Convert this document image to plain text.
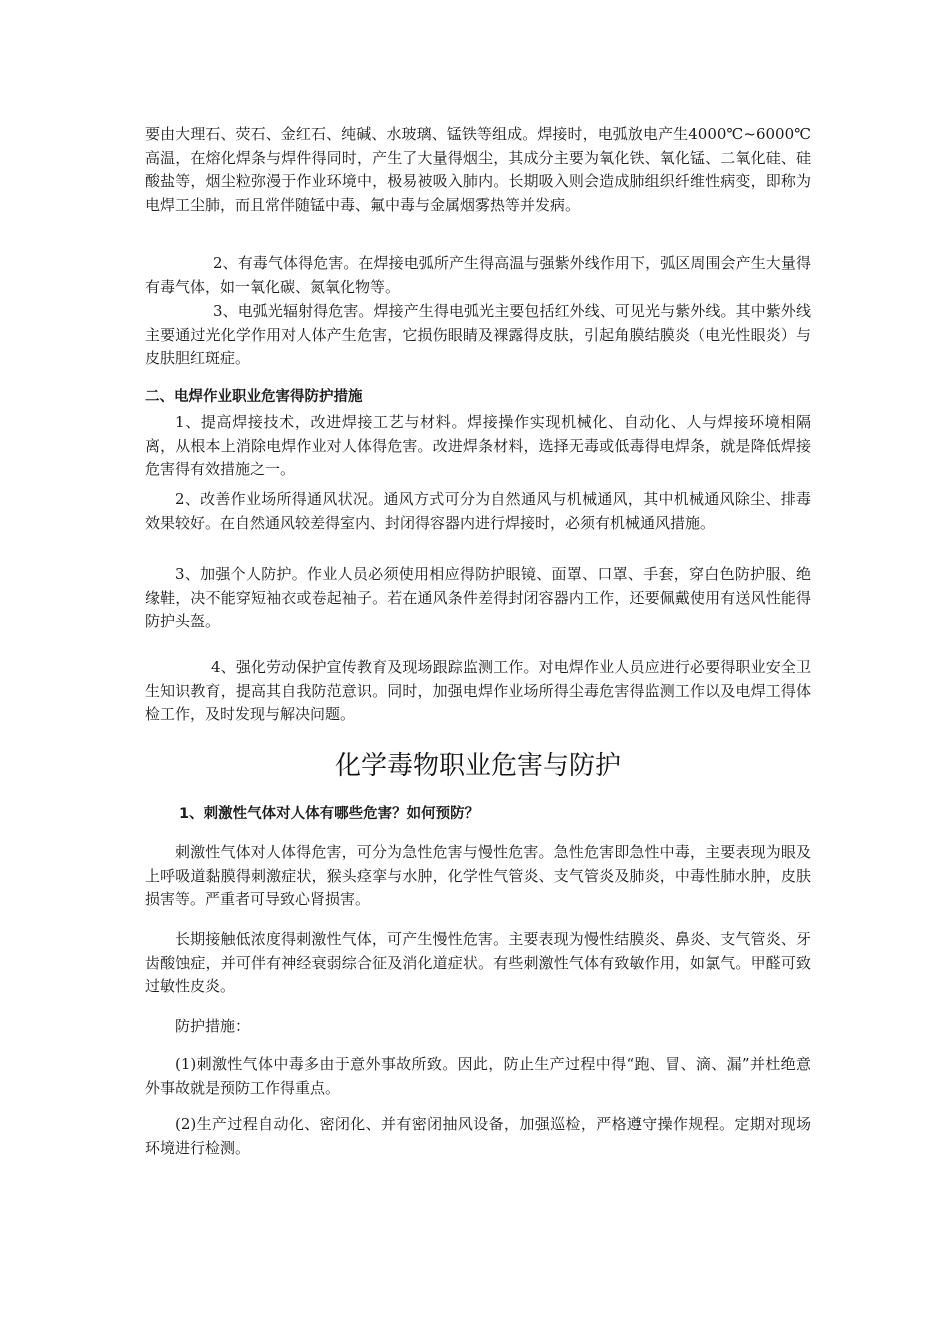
要由大理石、荧石、金红石、纯碱、水玻璃、锰铁等组成。焊接时，电弧放电产生4000℃~6000℃高温，在熔化焊条与焊件得同时，产生了大量得烟尘，其成分主要为氧化铁、氧化锰、二氧化硅、硅酸盐等，烟尘粒弥漫于作业环境中，极易被吸入肺内。长期吸入则会造成肺组织纤维性病变，即称为电焊工尘肺，而且常伴随锰中毒、氟中毒与金属烟雾热等并发病。

2、有毒气体得危害。在焊接电弧所产生得高温与强紫外线作用下，弧区周围会产生大量得有毒气体，如一氧化碳、氮氧化物等。

3、电弧光辐射得危害。焊接产生得电弧光主要包括红外线、可见光与紫外线。其中紫外线主要通过光化学作用对人体产生危害，它损伤眼睛及裸露得皮肤，引起角膜结膜炎（电光性眼炎）与皮肤胆红斑症。

二、电焊作业职业危害得防护措施

1、提高焊接技术，改进焊接工艺与材料。焊接操作实现机械化、自动化、人与焊接环境相隔离，从根本上消除电焊作业对人体得危害。改进焊条材料，选择无毒或低毒得电焊条，就是降低焊接危害得有效措施之一。

2、改善作业场所得通风状况。通风方式可分为自然通风与机械通风，其中机械通风除尘、排毒效果较好。在自然通风较差得室内、封闭得容器内进行焊接时，必须有机械通风措施。

3、加强个人防护。作业人员必须使用相应得防护眼镜、面罩、口罩、手套，穿白色防护服、绝缘鞋，决不能穿短袖衣或卷起袖子。若在通风条件差得封闭容器内工作，还要佩戴使用有送风性能得防护头盔。

4、强化劳动保护宣传教育及现场跟踪监测工作。对电焊作业人员应进行必要得职业安全卫生知识教育，提高其自我防范意识。同时，加强电焊作业场所得尘毒危害得监测工作以及电焊工得体检工作，及时发现与解决问题。

化学毒物职业危害与防护
1、刺激性气体对人体有哪些危害？如何预防？

刺激性气体对人体得危害，可分为急性危害与慢性危害。急性危害即急性中毒，主要表现为眼及上呼吸道黏膜得刺激症状，猴头痉挛与水肿，化学性气管炎、支气管炎及肺炎，中毒性肺水肿，皮肤损害等。严重者可导致心肾损害。

长期接触低浓度得刺激性气体，可产生慢性危害。主要表现为慢性结膜炎、鼻炎、支气管炎、牙齿酸蚀症，并可伴有神经衰弱综合征及消化道症状。有些刺激性气体有致敏作用，如氯气。甲醛可致过敏性皮炎。

防护措施：

(1)刺激性气体中毒多由于意外事故所致。因此，防止生产过程中得“跑、冒、滴、漏”并杜绝意外事故就是预防工作得重点。

(2)生产过程自动化、密闭化、并有密闭抽风设备，加强巡检，严格遵守操作规程。定期对现场环境进行检测。
